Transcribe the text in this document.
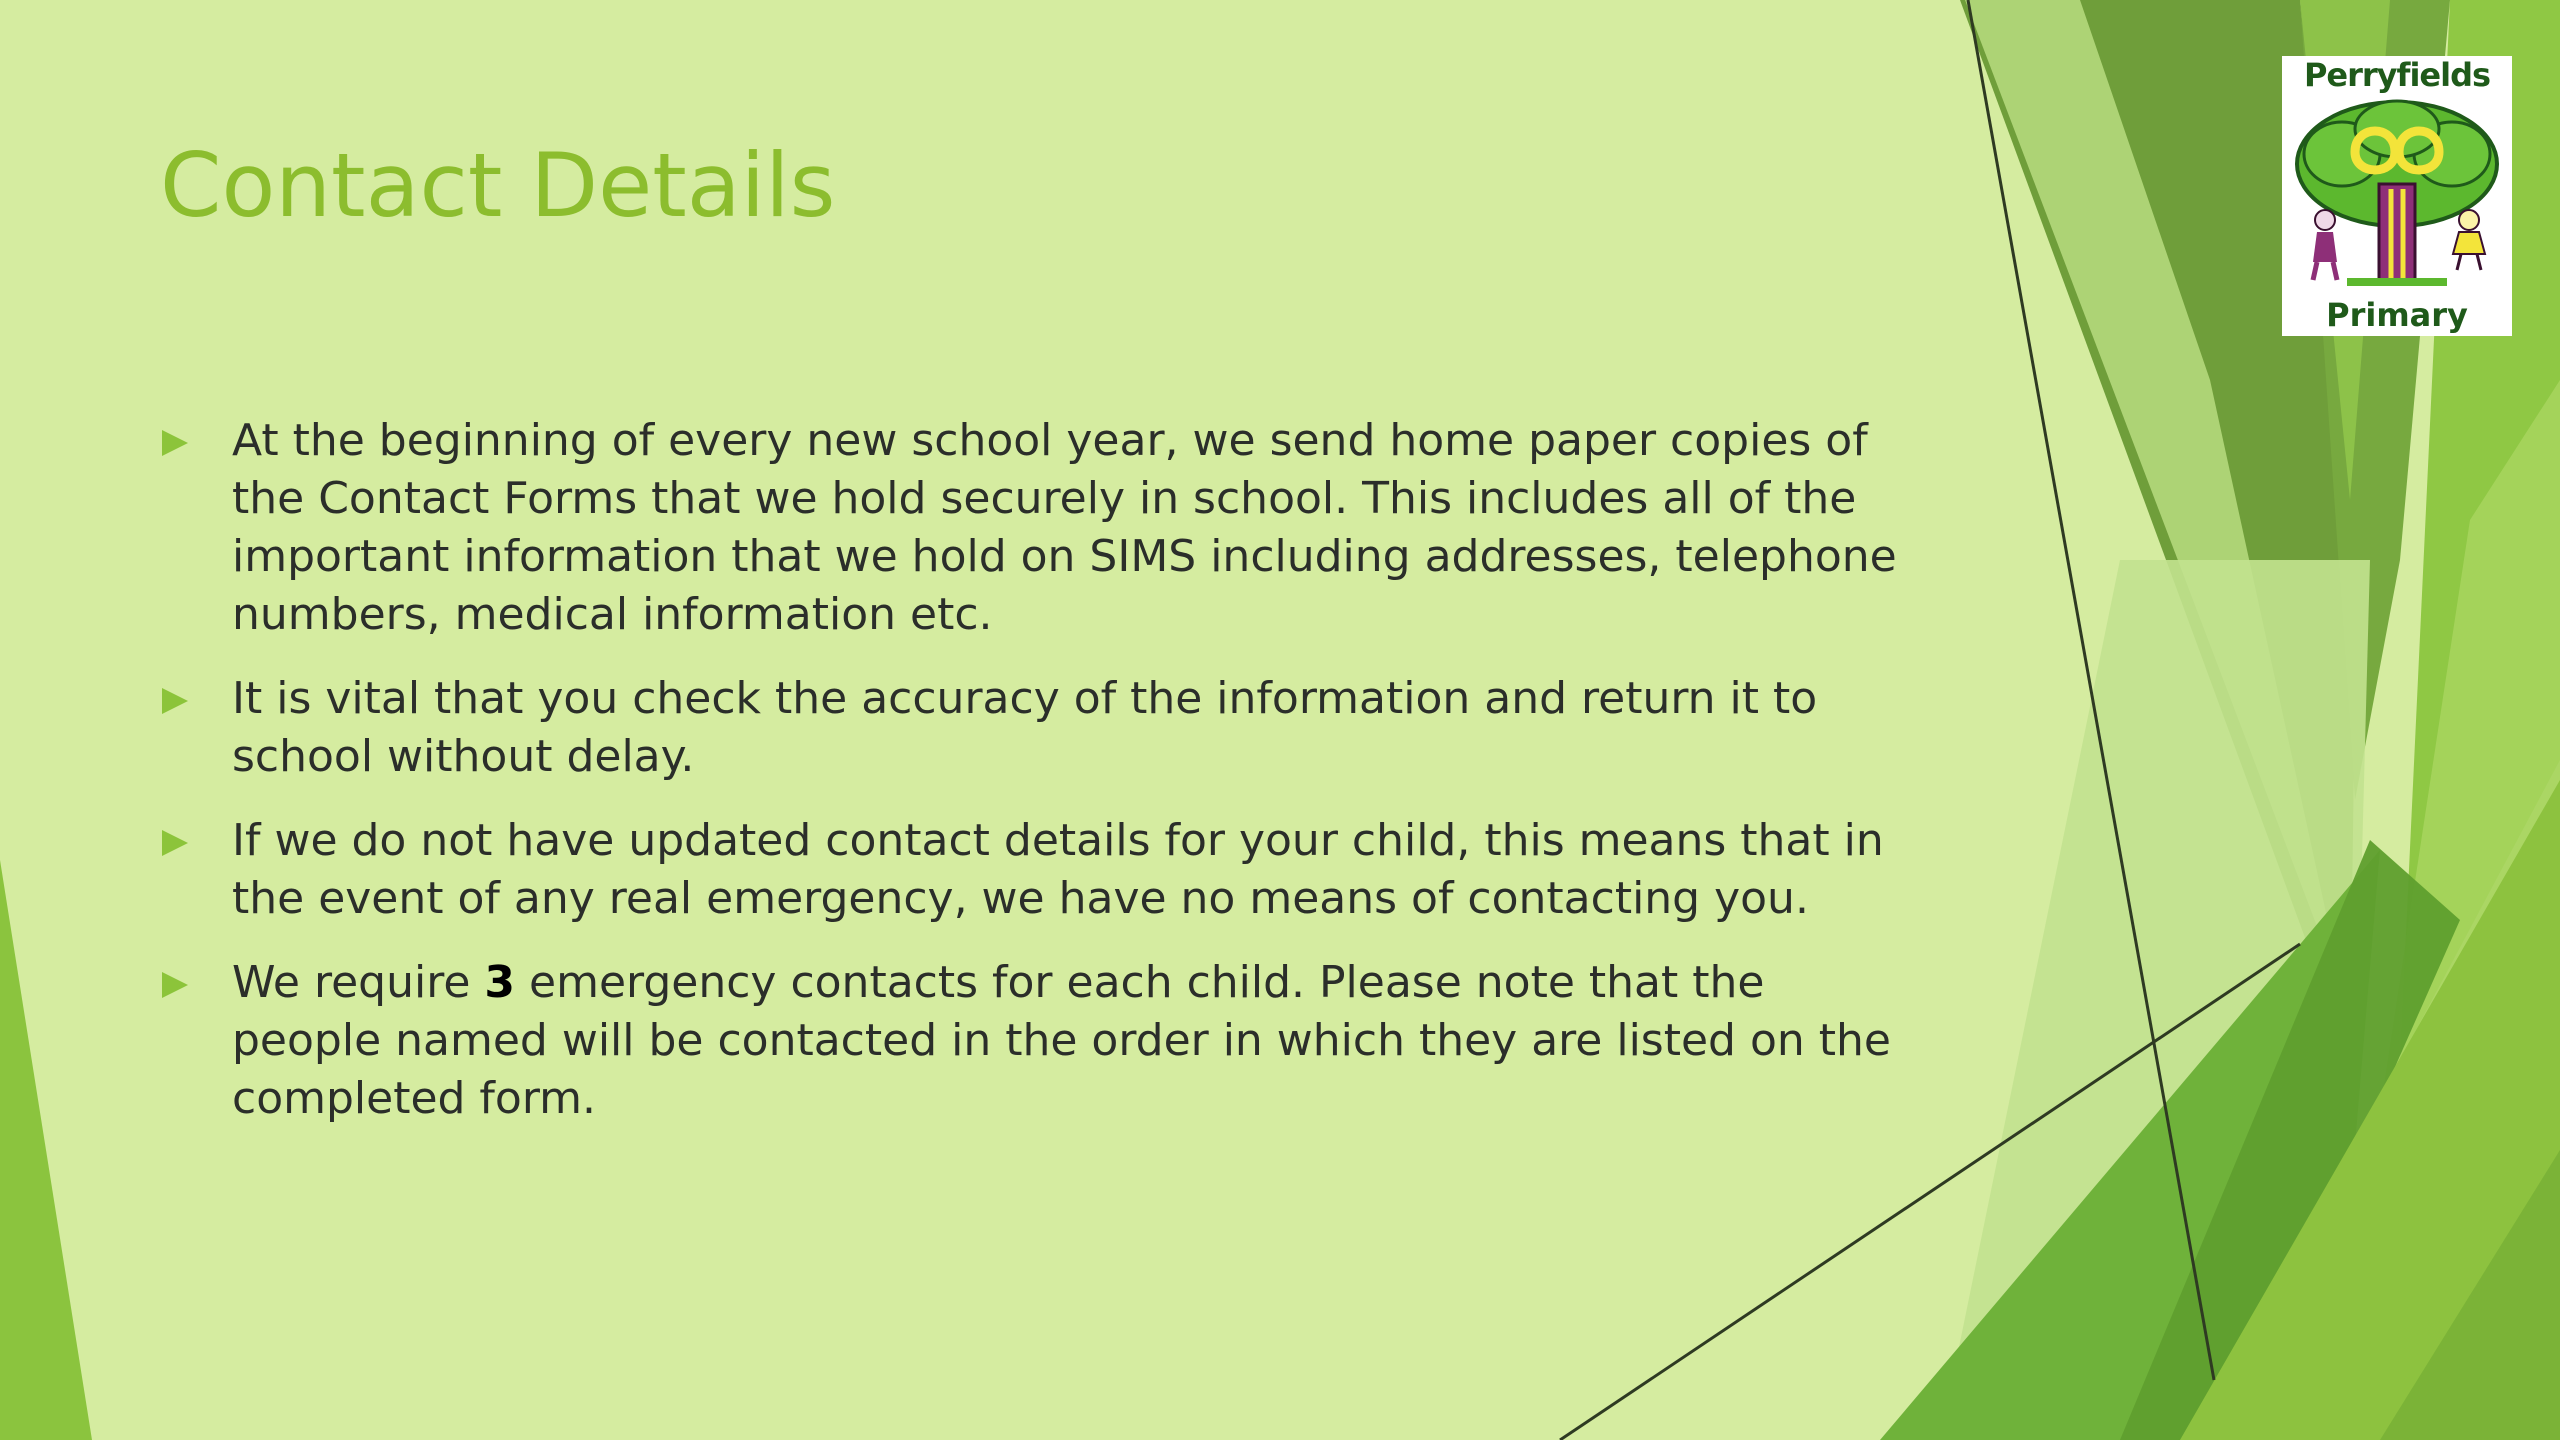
Contact Details
At the beginning of every new school year, we send home paper copies of the Contact Forms that we hold securely in school. This includes all of the important information that we hold on SIMS including addresses, telephone numbers, medical information etc.
It is vital that you check the accuracy of the information and return it to school without delay.
If we do not have updated contact details for your child, this means that in the event of any real emergency, we have no means of contacting you.
We require 3 emergency contacts for each child. Please note that the people named will be contacted in the order in which they are listed on the completed form.
Perryfields
Primary
